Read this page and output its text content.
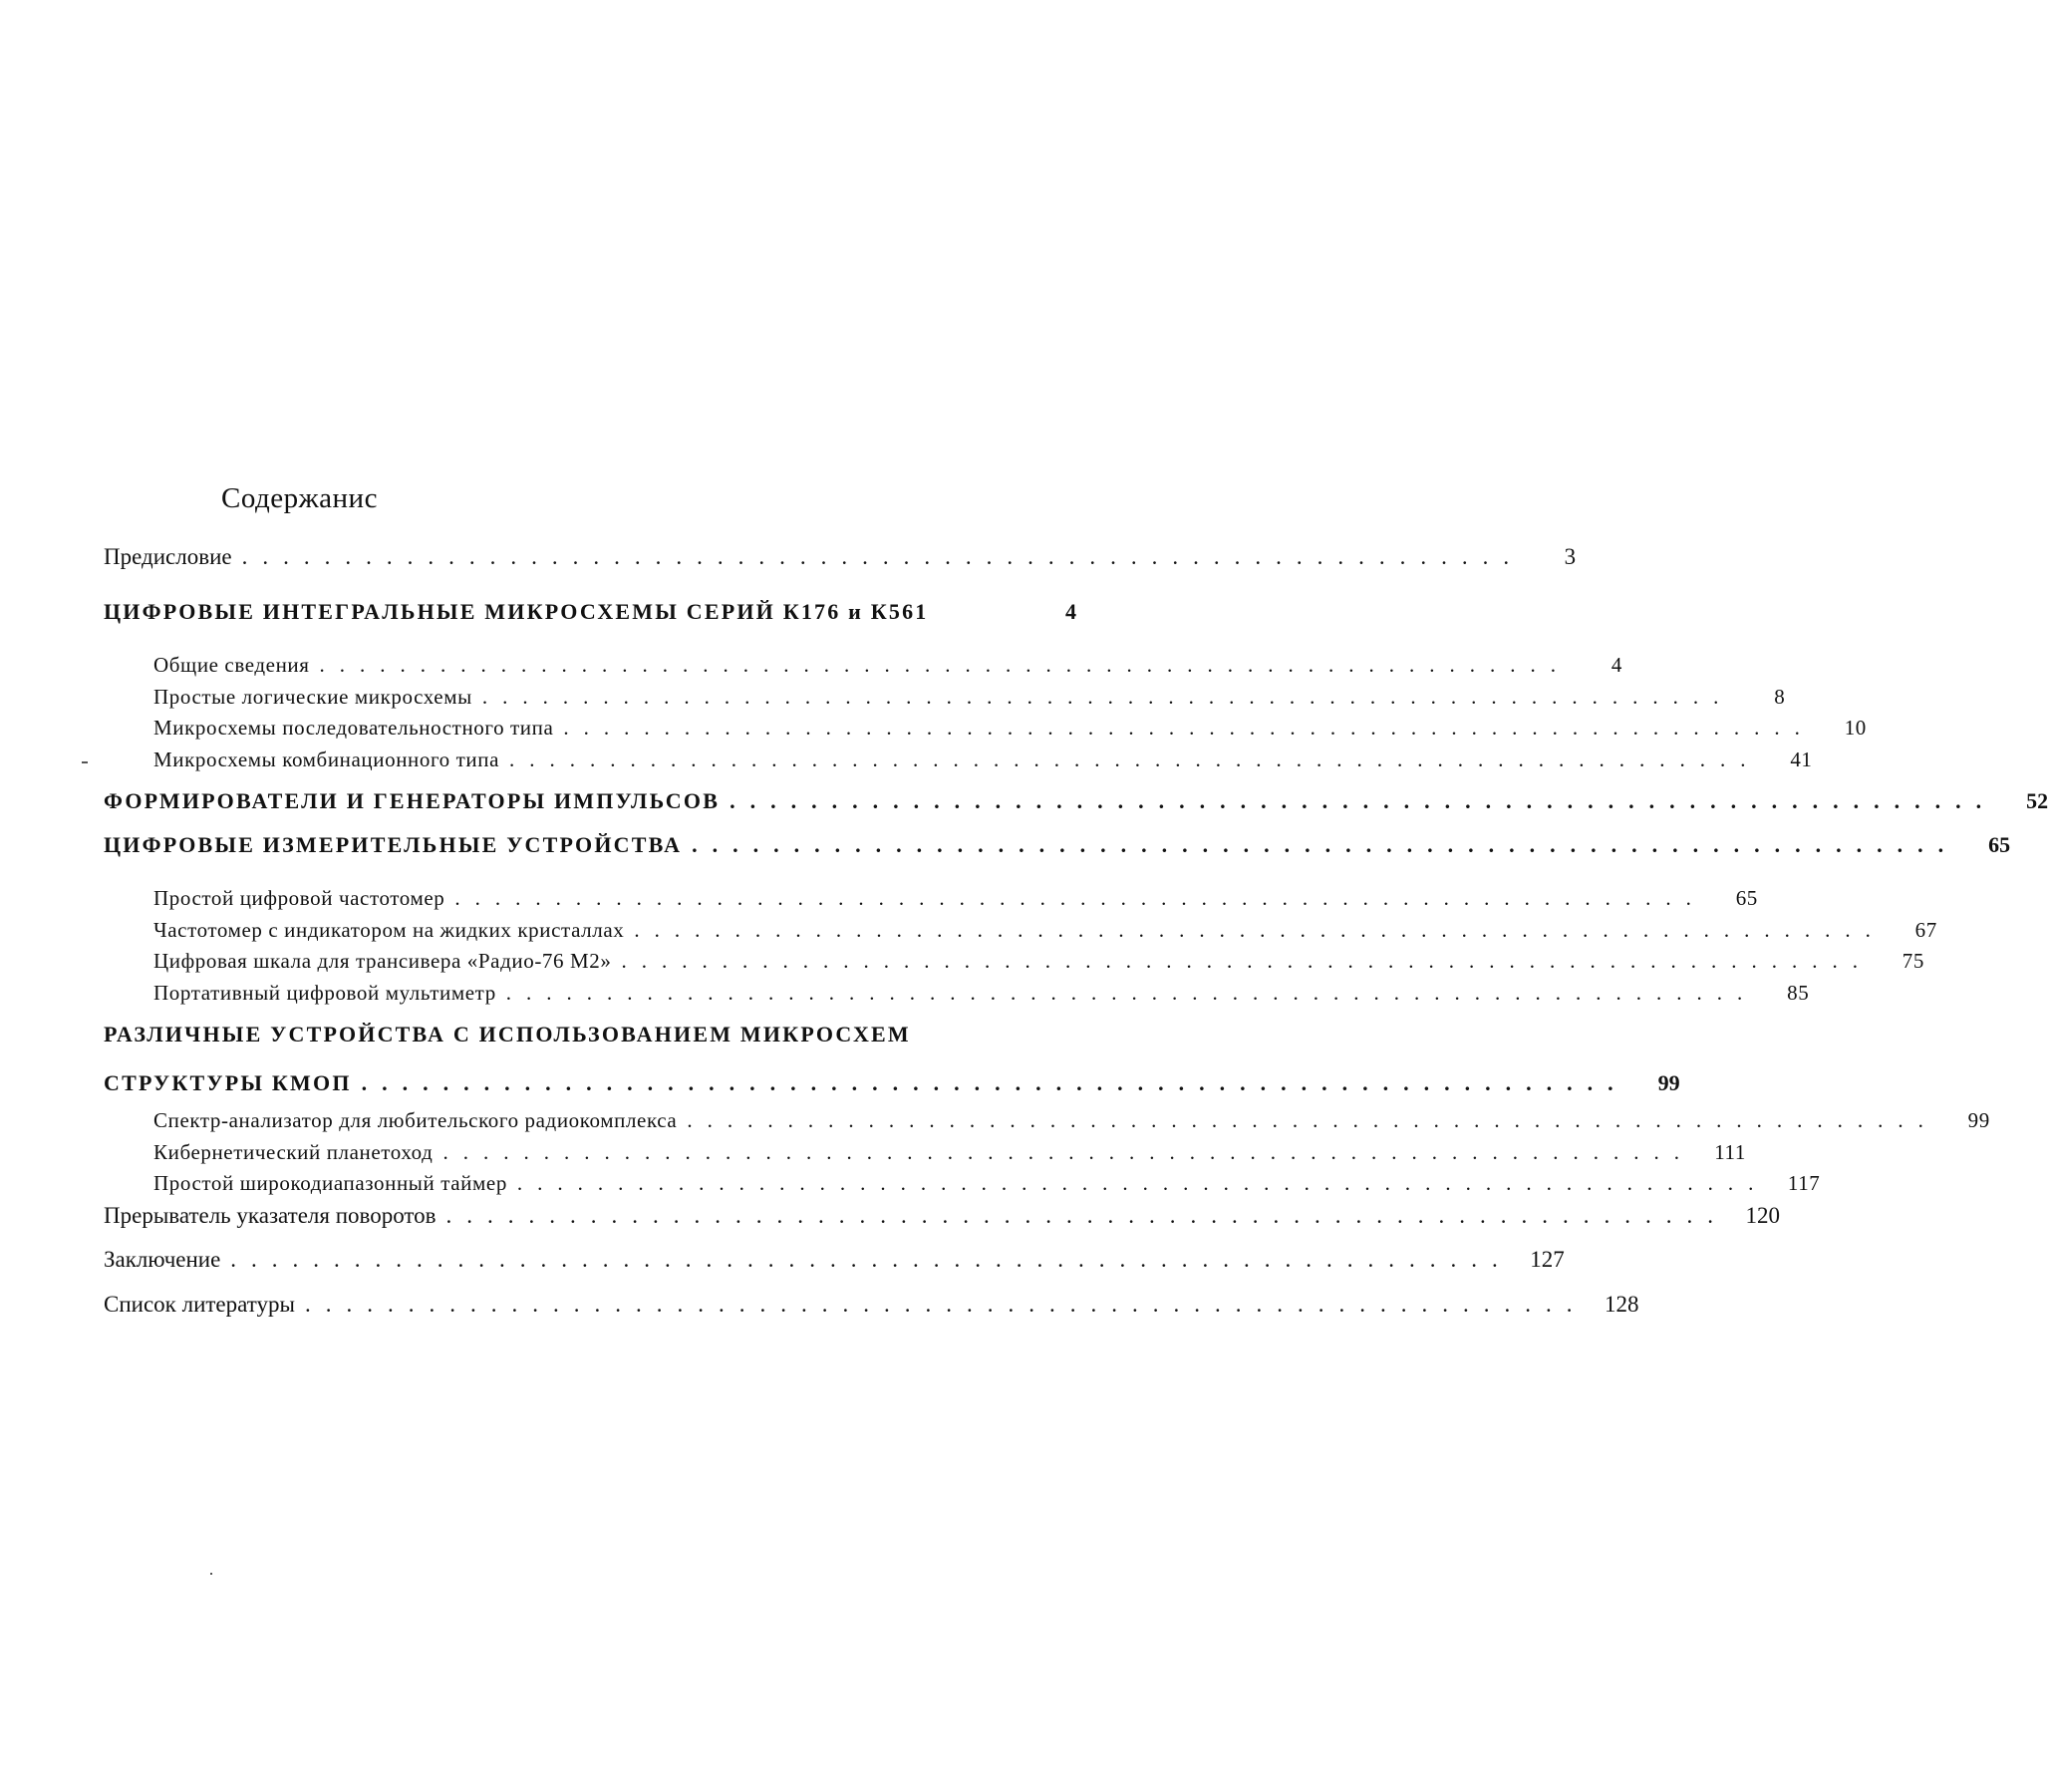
Содержанис
Предисловие ..............................................................	3
ЦИФРОВЫЕ ИНТЕГРАЛЬНЫЕ МИКРОСХЕМЫ СЕРИЙ К176 и К561	4
Общие сведения ..............................................................	4
Простые логические микросхемы ..............................................................	8
Микросхемы последовательностного типа ..............................................................	10
Микросхемы комбинационного типа ..............................................................	41
ФОРМИРОВАТЕЛИ И ГЕНЕРАТОРЫ ИМПУЛЬСОВ ..............................................................	52
ЦИФРОВЫЕ ИЗМЕРИТЕЛЬНЫЕ УСТРОЙСТВА ..............................................................	65
Простой цифровой частотомер ..............................................................	65
Частотомер с индикатором на жидких кристаллах ..............................................................	67
Цифровая шкала для трансивера «Радио-76 М2» ..............................................................	75
Портативный цифровой мультиметр ..............................................................	85
РАЗЛИЧНЫЕ УСТРОЙСТВА С ИСПОЛЬЗОВАНИЕМ МИКРОСХЕМ
СТРУКТУРЫ КМОП ..............................................................	99
Спектр-анализатор для любительского радиокомплекса ..............................................................	99
Кибернетический планетоход .............................................................. 111
Простой широкодиапазонный таймер .............................................................. 117
Прерыватель указателя поворотов .............................................................. 120
Заключение .............................................................. 127
Список литературы .............................................................. 128
